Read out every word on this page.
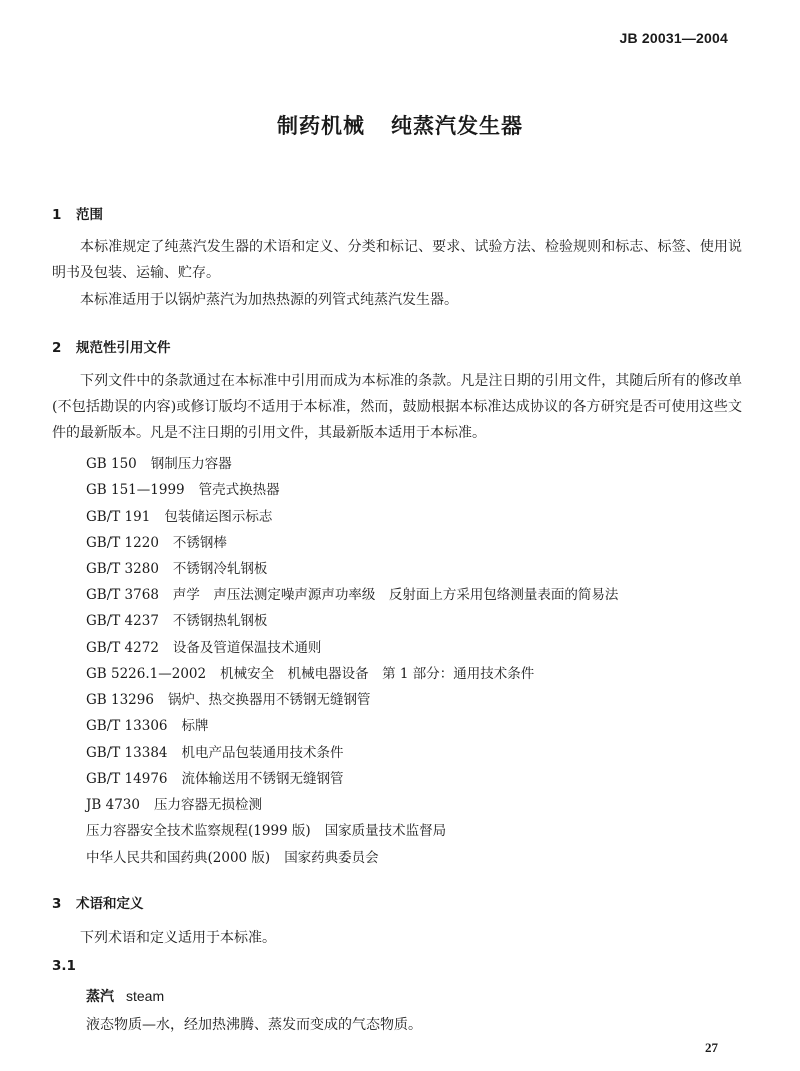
JB 20031—2004
制药机械 纯蒸汽发生器
1 范围
本标准规定了纯蒸汽发生器的术语和定义、分类和标记、要求、试验方法、检验规则和标志、标签、使用说明书及包装、运输、贮存。
本标准适用于以锅炉蒸汽为加热热源的列管式纯蒸汽发生器。
2 规范性引用文件
下列文件中的条款通过在本标准中引用而成为本标准的条款。凡是注日期的引用文件，其随后所有的修改单(不包括勘误的内容)或修订版均不适用于本标准，然而，鼓励根据本标准达成协议的各方研究是否可使用这些文件的最新版本。凡是不注日期的引用文件，其最新版本适用于本标准。
GB 150 钢制压力容器
GB 151—1999 管壳式换热器
GB/T 191 包装储运图示标志
GB/T 1220 不锈钢棒
GB/T 3280 不锈钢冷轧钢板
GB/T 3768 声学　声压法测定噪声源声功率级　反射面上方采用包络测量表面的简易法
GB/T 4237 不锈钢热轧钢板
GB/T 4272 设备及管道保温技术通则
GB 5226.1—2002 机械安全　机械电器设备　第 1 部分：通用技术条件
GB 13296 锅炉、热交换器用不锈钢无缝钢管
GB/T 13306 标牌
GB/T 13384 机电产品包装通用技术条件
GB/T 14976 流体输送用不锈钢无缝钢管
JB 4730 压力容器无损检测
压力容器安全技术监察规程(1999 版) 国家质量技术监督局
中华人民共和国药典(2000 版) 国家药典委员会
3 术语和定义
下列术语和定义适用于本标准。
3.1
蒸汽 steam
液态物质—水，经加热沸腾、蒸发而变成的气态物质。
27
